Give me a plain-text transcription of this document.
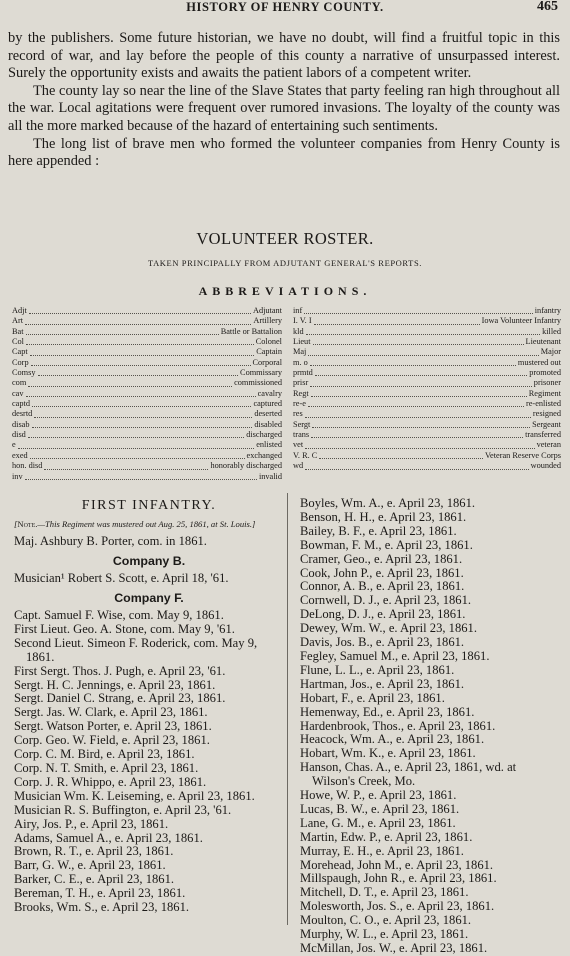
HISTORY OF HENRY COUNTY.	465

by the publishers. Some future historian, we have no doubt, will find a fruitful topic in this record of war, and lay before the people of this county a narrative of unsurpassed interest. Surely the opportunity exists and awaits the patient labors of a competent writer.

The county lay so near the line of the Slave States that party feeling ran high throughout all the war. Local agitations were frequent over rumored invasions. The loyalty of the county was all the more marked because of the hazard of entertaining such sentiments.

The long list of brave men who formed the volunteer companies from Henry County is here appended :

VOLUNTEER ROSTER.
TAKEN PRINCIPALLY FROM ADJUTANT GENERAL'S REPORTS.
ABBREVIATIONS.
Adjt	Adjutant
Art	Artillery
Bat	Battle or Battalion
Col	Colonel
Capt	Captain
Corp	Corporal
Comsy	Commissary
com	commissioned
cav	cavalry
captd	captured
desrtd	deserted
disab	disabled
disd	discharged
e	enlisted
exed	exchanged
hon. disd	honorably discharged
inv	invalid
inf	infantry
I. V. I	Iowa Volunteer Infantry
kld	killed
Lieut	Lieutenant
Maj	Major
m. o	mustered out
prmtd	promoted
prisr	prisoner
Regt	Regiment
re-e	re-enlisted
res	resigned
Sergt	Sergeant
trans	transferred
vet	veteran
V. R. C	Veteran Reserve Corps
wd	wounded
FIRST INFANTRY.
[Note.—This Regiment was mustered out Aug. 25, 1861, at St. Louis.]
Maj. Ashbury B. Porter, com. in 1861.
Company B.
Musician¹ Robert S. Scott, e. April 18, '61.
Company F.
Capt. Samuel F. Wise, com. May 9, 1861.
First Lieut. Geo. A. Stone, com. May 9, '61.
Second Lieut. Simeon F. Roderick, com. May 9, 1861.
First Sergt. Thos. J. Pugh, e. April 23, '61.
Sergt. H. C. Jennings, e. April 23, 1861.
Sergt. Daniel C. Strang, e. April 23, 1861.
Sergt. Jas. W. Clark, e. April 23, 1861.
Sergt. Watson Porter, e. April 23, 1861.
Corp. Geo. W. Field, e. April 23, 1861.
Corp. C. M. Bird, e. April 23, 1861.
Corp. N. T. Smith, e. April 23, 1861.
Corp. J. R. Whippo, e. April 23, 1861.
Musician Wm. K. Leiseming, e. April 23, 1861.
Musician R. S. Buffington, e. April 23, '61.
Airy, Jos. P., e. April 23, 1861.
Adams, Samuel A., e. April 23, 1861.
Brown, R. T., e. April 23, 1861.
Barr, G. W., e. April 23, 1861.
Barker, C. E., e. April 23, 1861.
Bereman, T. H., e. April 23, 1861.
Brooks, Wm. S., e. April 23, 1861.
Boyles, Wm. A., e. April 23, 1861.
Benson, H. H., e. April 23, 1861.
Bailey, B. F., e. April 23, 1861.
Bowman, F. M., e. April 23, 1861.
Cramer, Geo., e. April 23, 1861.
Cook, John P., e. April 23, 1861.
Connor, A. B., e. April 23, 1861.
Cornwell, D. J., e. April 23, 1861.
DeLong, D. J., e. April 23, 1861.
Dewey, Wm. W., e. April 23, 1861.
Davis, Jos. B., e. April 23, 1861.
Fegley, Samuel M., e. April 23, 1861.
Flune, L. L., e. April 23, 1861.
Hartman, Jos., e. April 23, 1861.
Hobart, F., e. April 23, 1861.
Hemenway, Ed., e. April 23, 1861.
Hardenbrook, Thos., e. April 23, 1861.
Heacock, Wm. A., e. April 23, 1861.
Hobart, Wm. K., e. April 23, 1861.
Hanson, Chas. A., e. April 23, 1861, wd. at Wilson's Creek, Mo.
Howe, W. P., e. April 23, 1861.
Lucas, B. W., e. April 23, 1861.
Lane, G. M., e. April 23, 1861.
Martin, Edw. P., e. April 23, 1861.
Murray, E. H., e. April 23, 1861.
Morehead, John M., e. April 23, 1861.
Millspaugh, John R., e. April 23, 1861.
Mitchell, D. T., e. April 23, 1861.
Molesworth, Jos. S., e. April 23, 1861.
Moulton, C. O., e. April 23, 1861.
Murphy, W. L., e. April 23, 1861.
McMillan, Jos. W., e. April 23, 1861.
